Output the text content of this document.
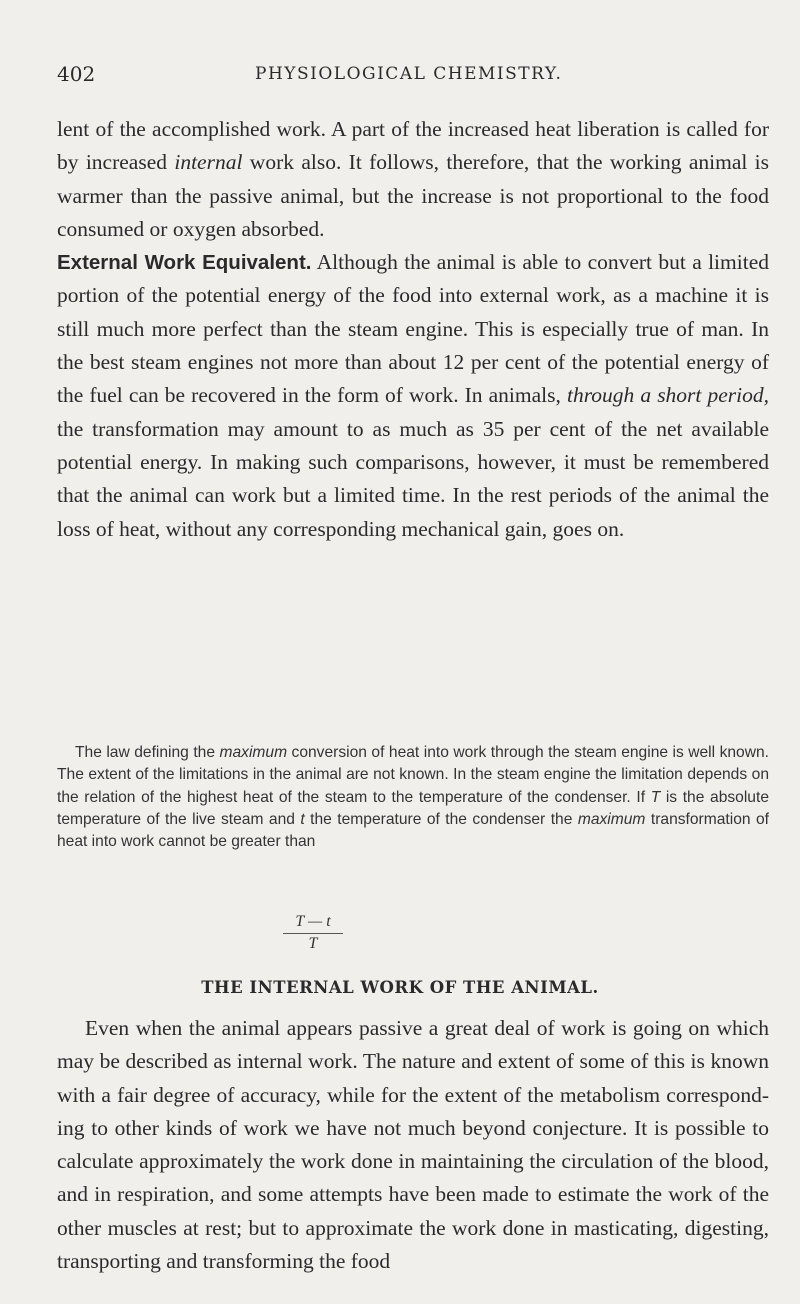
402	PHYSIOLOGICAL CHEMISTRY.

lent of the accomplished work. A part of the increased heat liberation is called for by increased internal work also. It follows, therefore, that the working animal is warmer than the passive animal, but the increase is not proportional to the food consumed or oxygen absorbed.

External Work Equivalent. Although the animal is able to convert but a limited portion of the potential energy of the food into external work, as a machine it is still much more perfect than the steam engine. This is especially true of man. In the best steam engines not more than about 12 per cent of the potential energy of the fuel can be recovered in the form of work. In animals, through a short period, the transformation may amount to as much as 35 per cent of the net available potential energy. In making such comparisons, however, it must be remembered that the animal can work but a limited time. In the rest periods of the animal the loss of heat, without any corresponding mechanical gain, goes on.

The law defining the maximum conversion of heat into work through the steam engine is well known. The extent of the limitations in the animal are not known. In the steam engine the limitation depends on the relation of the highest heat of the steam to the temperature of the condenser. If T is the absolute temperature of the live steam and t the temperature of the condenser the maximum transformation of heat into work cannot be greater than

$\frac{T — t}{T}$
THE INTERNAL WORK OF THE ANIMAL.

Even when the animal appears passive a great deal of work is going on which may be described as internal work. The nature and extent of some of this is known with a fair degree of accuracy, while for the extent of the metabolism corresponding to other kinds of work we have not much beyond conjecture. It is possible to calculate approximately the work done in maintaining the circulation of the blood, and in respiration, and some attempts have been made to estimate the work of the other muscles at rest; but to approximate the work done in masticating, digesting, transporting and transforming the food
